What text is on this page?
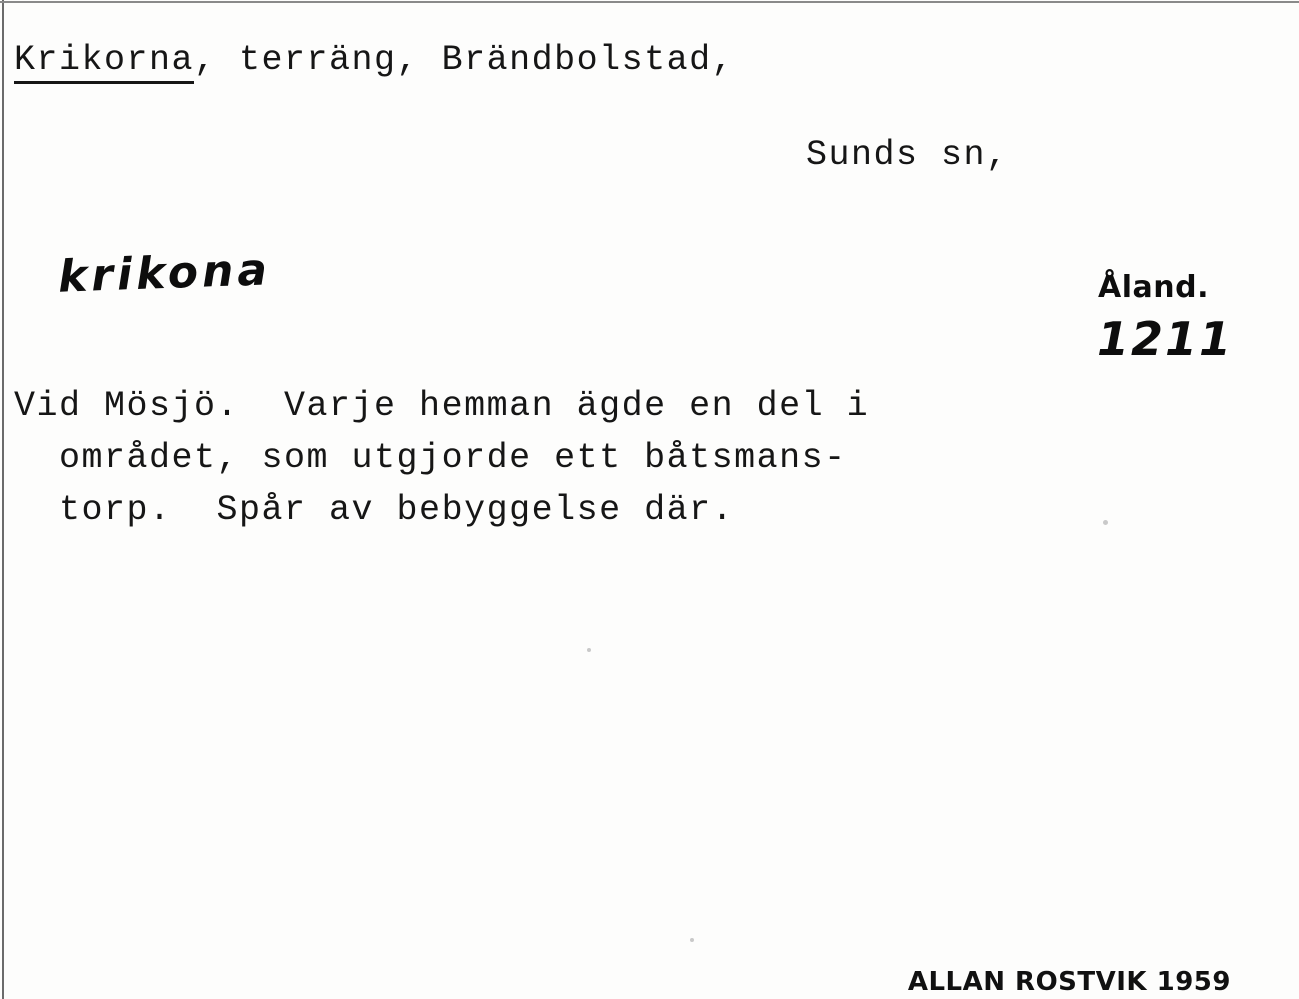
Krikorna, terräng, Brändbolstad,
Sunds sn,
krikona	Åland.
1211
Vid Mösjö.  Varje hemman ägde en del i
området, som utgjorde ett båtsmans-
torp.  Spår av bebyggelse där.
ALLAN ROSTVIK 1959
